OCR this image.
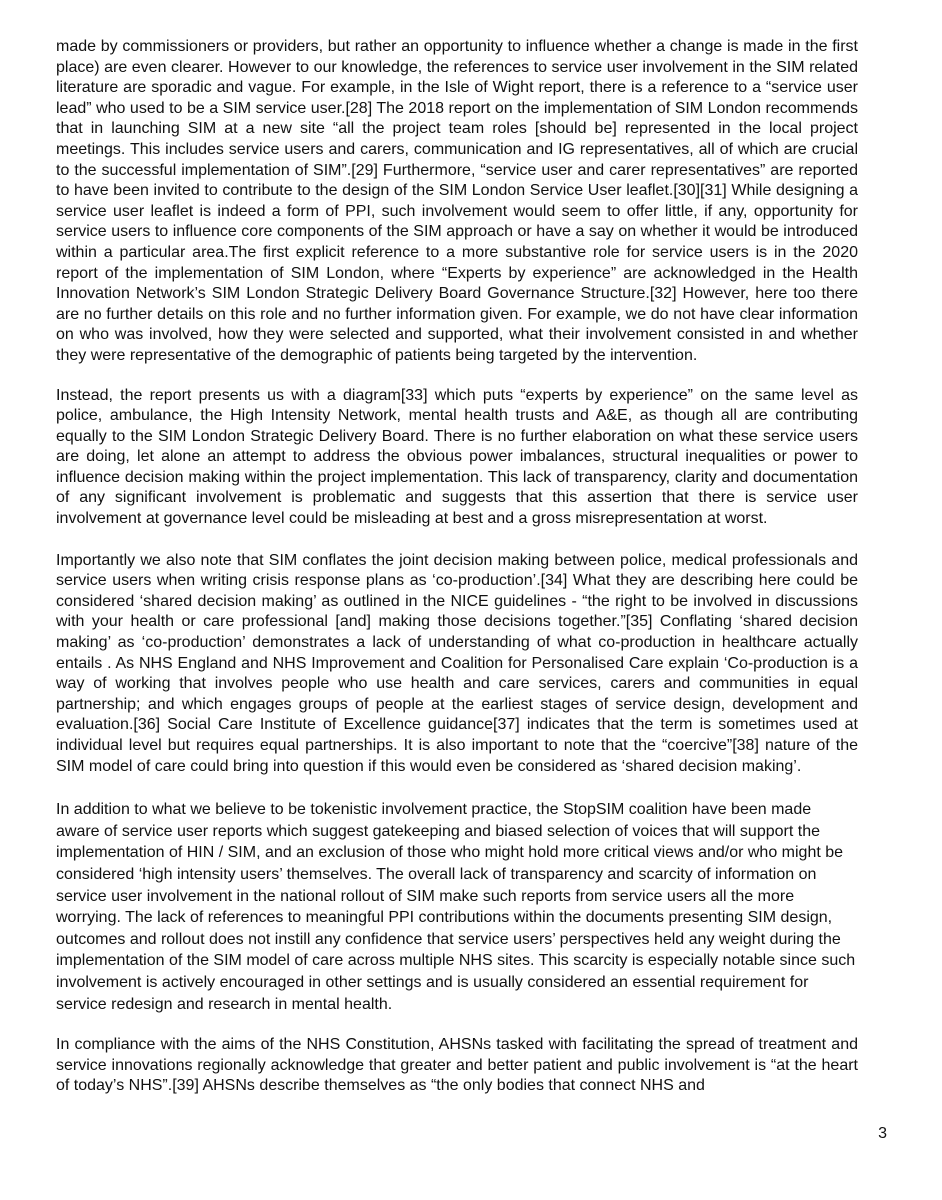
made by commissioners or providers, but rather an opportunity to influence whether a change is made in the first place) are even clearer. However to our knowledge, the references to service user involvement in the SIM related literature are sporadic and vague. For example, in the Isle of Wight report, there is a reference to a “service user lead” who used to be a SIM service user.[28] The 2018 report on the implementation of SIM London recommends that in launching SIM at a new site “all the project team roles [should be] represented in the local project meetings. This includes service users and carers, communication and IG representatives, all of which are crucial to the successful implementation of SIM”.[29] Furthermore, “service user and carer representatives” are reported to have been invited to contribute to the design of the SIM London Service User leaflet.[30][31] While designing a service user leaflet is indeed a form of PPI, such involvement would seem to offer little, if any, opportunity for service users to influence core components of the SIM approach or have a say on whether it would be introduced within a particular area.The first explicit reference to a more substantive role for service users is in the 2020 report of the implementation of SIM London, where “Experts by experience” are acknowledged in the Health Innovation Network’s SIM London Strategic Delivery Board Governance Structure.[32] However, here too there are no further details on this role and no further information given. For example, we do not have clear information on who was involved, how they were selected and supported, what their involvement consisted in and whether they were representative of the demographic of patients being targeted by the intervention.

Instead, the report presents us with a diagram[33] which puts “experts by experience” on the same level as police, ambulance, the High Intensity Network, mental health trusts and A&E, as though all are contributing equally to the SIM London Strategic Delivery Board. There is no further elaboration on what these service users are doing, let alone an attempt to address the obvious power imbalances, structural inequalities or power to influence decision making within the project implementation. This lack of transparency, clarity and documentation of any significant involvement is problematic and suggests that this assertion that there is service user involvement at governance level could be misleading at best and a gross misrepresentation at worst.

Importantly we also note that SIM conflates the joint decision making between police, medical professionals and service users when writing crisis response plans as ‘co-production’.[34] What they are describing here could be considered ‘shared decision making’ as outlined in the NICE guidelines - “the right to be involved in discussions with your health or care professional [and] making those decisions together.”[35] Conflating ‘shared decision making’ as ‘co-production’ demonstrates a lack of understanding of what co-production in healthcare actually entails . As NHS England and NHS Improvement and Coalition for Personalised Care explain ‘Co-production is a way of working that involves people who use health and care services, carers and communities in equal partnership; and which engages groups of people at the earliest stages of service design, development and evaluation.[36] Social Care Institute of Excellence guidance[37] indicates that the term is sometimes used at individual level but requires equal partnerships. It is also important to note that the “coercive”[38] nature of the SIM model of care could bring into question if this would even be considered as ‘shared decision making’.

In addition to what we believe to be tokenistic involvement practice, the StopSIM coalition have been made aware of service user reports which suggest gatekeeping and biased selection of voices that will support the implementation of HIN / SIM, and an exclusion of those who might hold more critical views and/or who might be considered ‘high intensity users’ themselves. The overall lack of transparency and scarcity of information on service user involvement in the national rollout of SIM make such reports from service users all the more worrying. The lack of references to meaningful PPI contributions within the documents presenting SIM design, outcomes and rollout does not instill any confidence that service users’ perspectives held any weight during the implementation of the SIM model of care across multiple NHS sites. This scarcity is especially notable since such involvement is actively encouraged in other settings and is usually considered an essential requirement for service redesign and research in mental health.

In compliance with the aims of the NHS Constitution, AHSNs tasked with facilitating the spread of treatment and service innovations regionally acknowledge that greater and better patient and public involvement is “at the heart of today’s NHS”.[39] AHSNs describe themselves as “the only bodies that connect NHS and

3
